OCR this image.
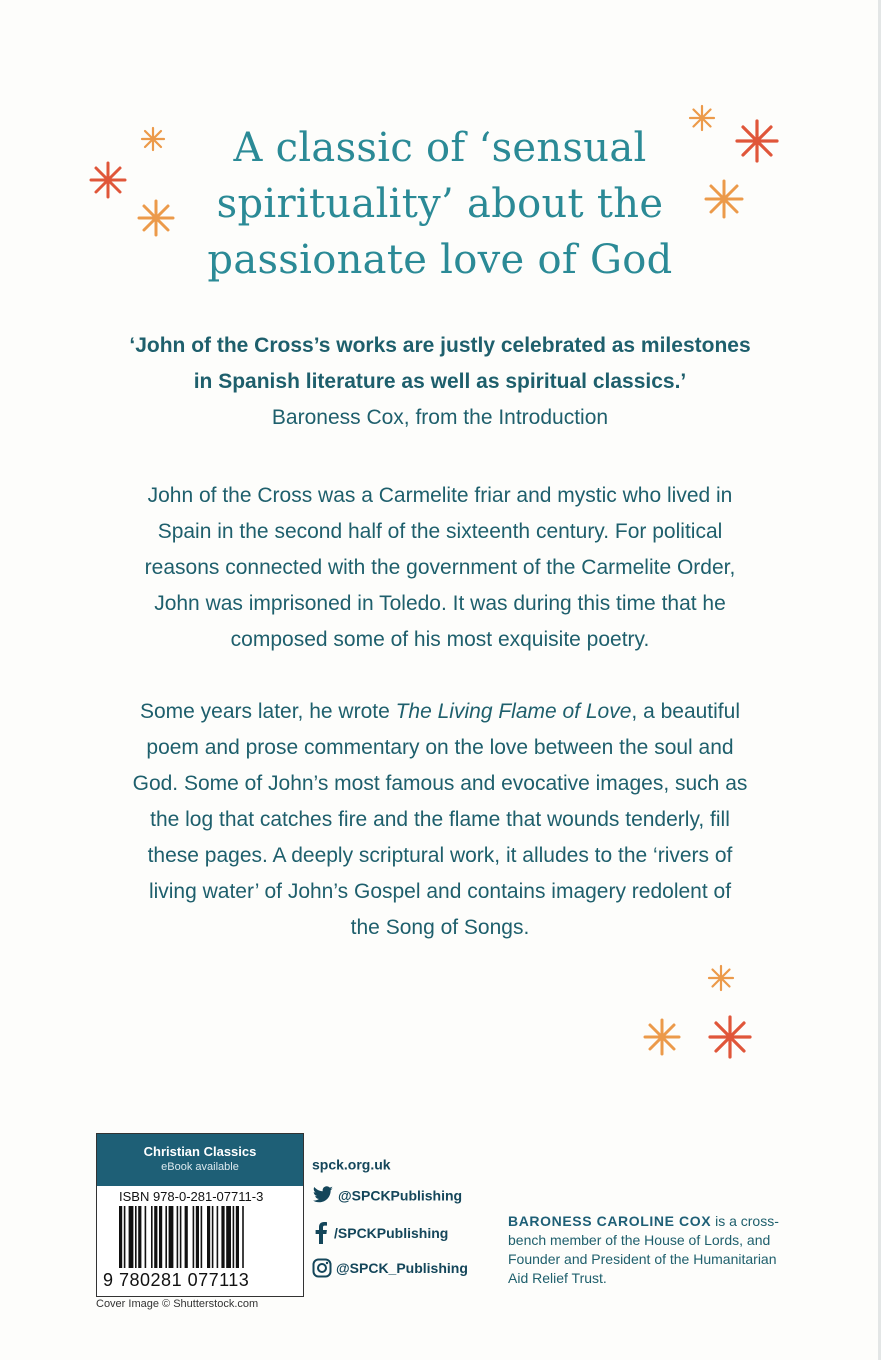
A classic of ‘sensual
spirituality’ about the
passionate love of God
‘John of the Cross’s works are justly celebrated as milestones
in Spanish literature as well as spiritual classics.’
Baroness Cox, from the Introduction

John of the Cross was a Carmelite friar and mystic who lived in
Spain in the second half of the sixteenth century. For political
reasons connected with the government of the Carmelite Order,
John was imprisoned in Toledo. It was during this time that he
composed some of his most exquisite poetry.

Some years later, he wrote The Living Flame of Love, a beautiful
poem and prose commentary on the love between the soul and
God. Some of John’s most famous and evocative images, such as
the log that catches fire and the flame that wounds tenderly, fill
these pages. A deeply scriptural work, it alludes to the ‘rivers of
living water’ of John’s Gospel and contains imagery redolent of
the Song of Songs.

Christian Classics
eBook available
ISBN 978-0-281-07711-3
9 780281 077113
Cover Image © Shutterstock.com
spck.org.uk
@SPCKPublishing
/SPCKPublishing
@SPCK_Publishing
BARONESS CAROLINE COX is a cross-bench member of the House of Lords, and Founder and President of the Humanitarian Aid Relief Trust.
